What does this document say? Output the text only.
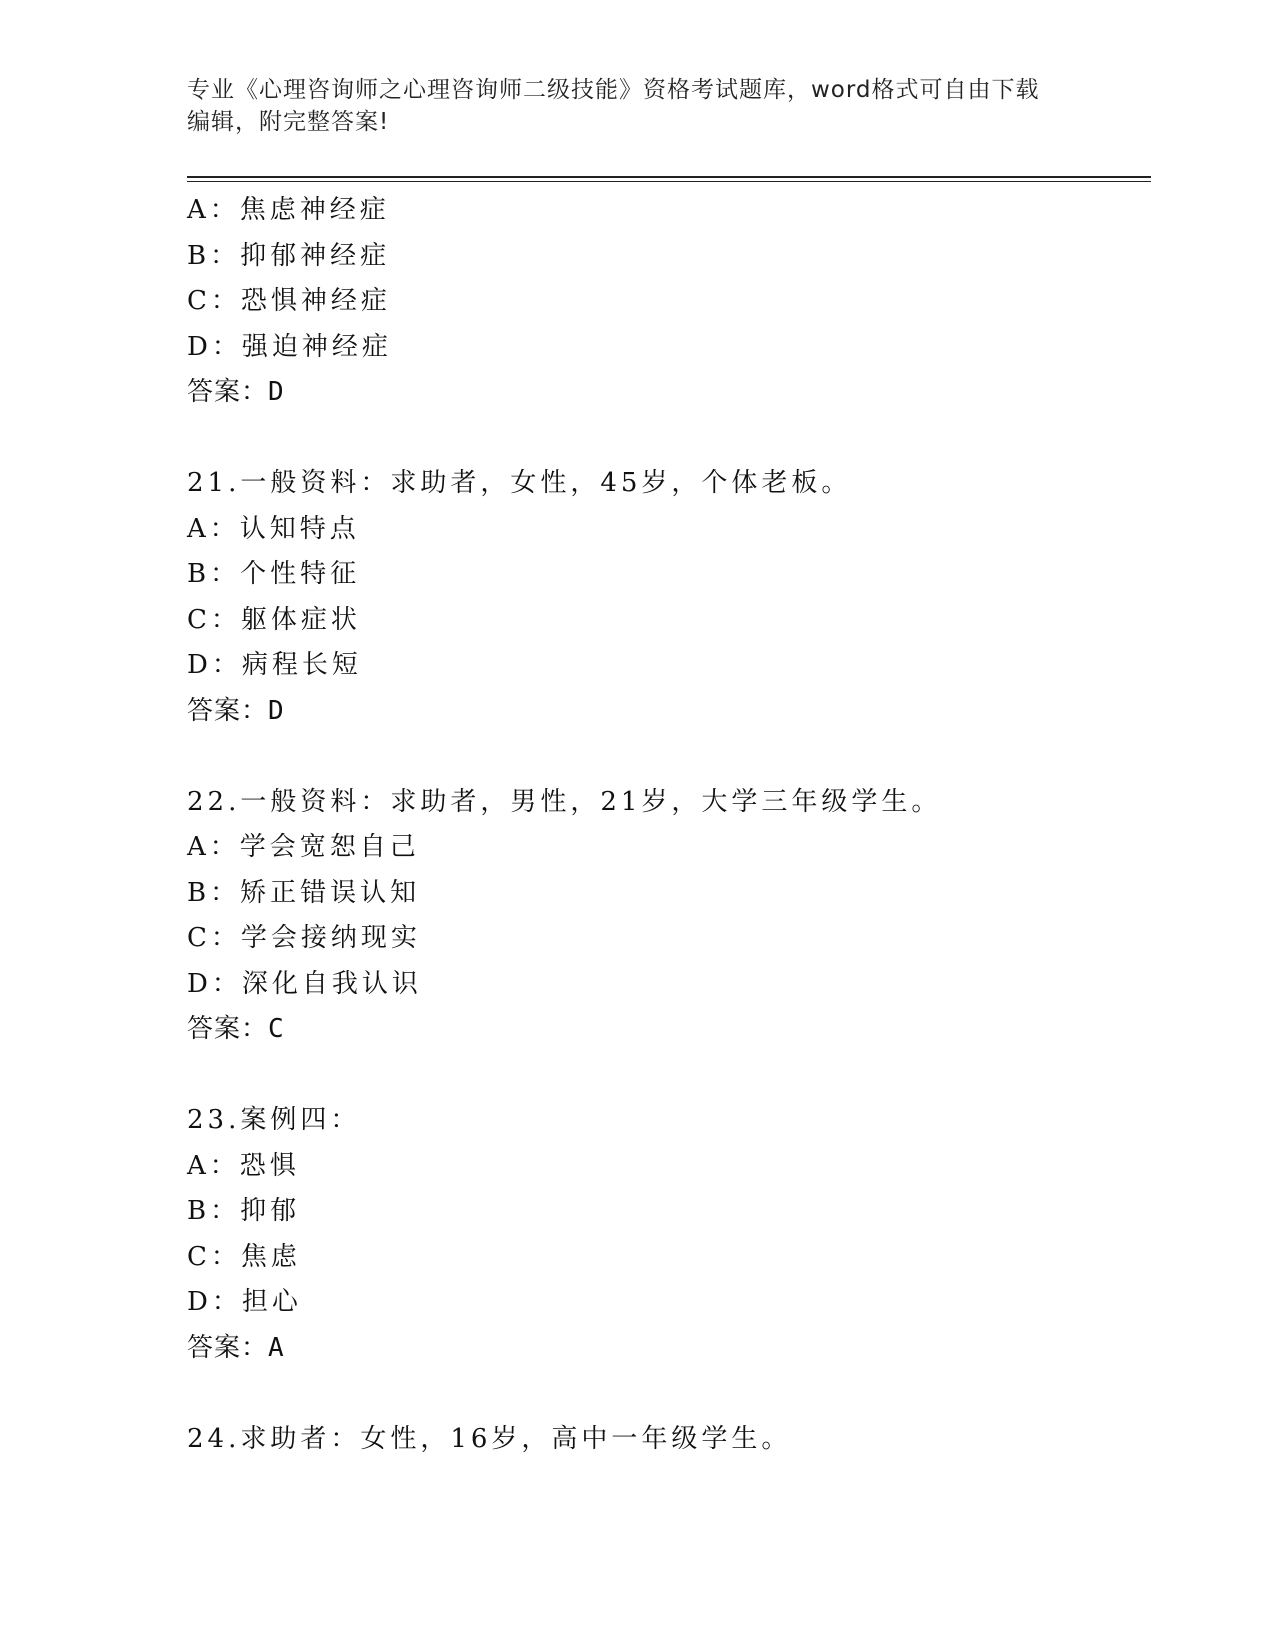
专业《心理咨询师之心理咨询师二级技能》资格考试题库，word格式可自由下载

编辑，附完整答案!

A：焦虑神经症
B：抑郁神经症
C：恐惧神经症
D：强迫神经症
答案：D
21.一般资料：求助者，女性，45岁，个体老板。
A：认知特点
B：个性特征
C：躯体症状
D：病程长短
答案：D
22.一般资料：求助者，男性，21岁，大学三年级学生。
A：学会宽恕自己
B：矫正错误认知
C：学会接纳现实
D：深化自我认识
答案：C
23.案例四：
A：恐惧
B：抑郁
C：焦虑
D：担心
答案：A
24.求助者：女性，16岁，高中一年级学生。
